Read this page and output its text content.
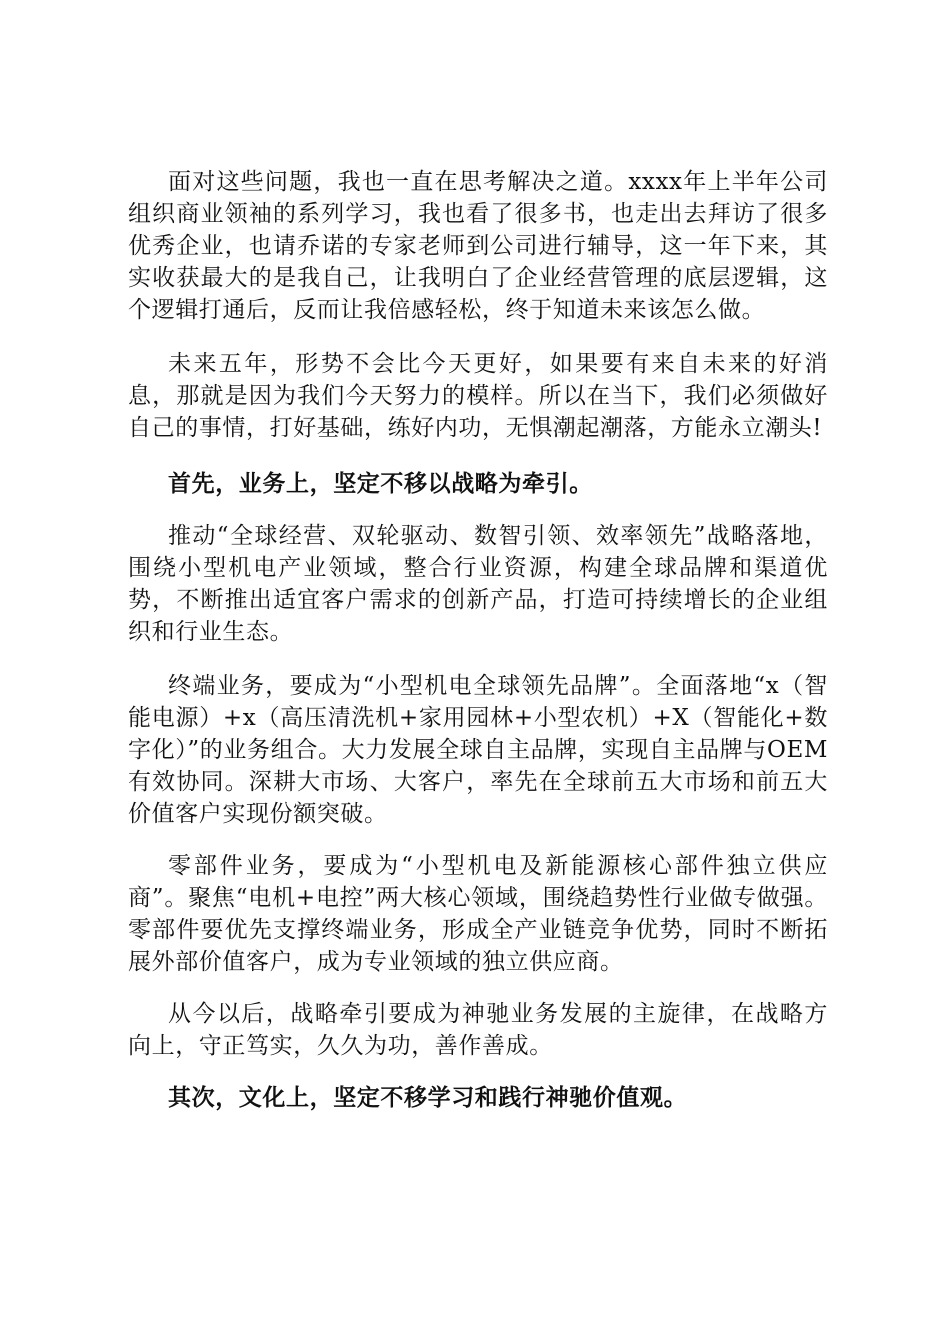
面对这些问题，我也一直在思考解决之道。xxxx年上半年公司组织商业领袖的系列学习，我也看了很多书，也走出去拜访了很多优秀企业，也请乔诺的专家老师到公司进行辅导，这一年下来，其实收获最大的是我自己，让我明白了企业经营管理的底层逻辑，这个逻辑打通后，反而让我倍感轻松，终于知道未来该怎么做。

未来五年，形势不会比今天更好，如果要有来自未来的好消息，那就是因为我们今天努力的模样。所以在当下，我们必须做好自己的事情，打好基础，练好内功，无惧潮起潮落，方能永立潮头!

首先，业务上，坚定不移以战略为牵引。

推动“全球经营、双轮驱动、数智引领、效率领先”战略落地，围绕小型机电产业领域，整合行业资源，构建全球品牌和渠道优势，不断推出适宜客户需求的创新产品，打造可持续增长的企业组织和行业生态。

终端业务，要成为“小型机电全球领先品牌”。全面落地“x（智能电源）+x（高压清洗机+家用园林+小型农机）+X（智能化+数字化）”的业务组合。大力发展全球自主品牌，实现自主品牌与OEM有效协同。深耕大市场、大客户，率先在全球前五大市场和前五大价值客户实现份额突破。

零部件业务，要成为“小型机电及新能源核心部件独立供应商”。聚焦“电机+电控”两大核心领域，围绕趋势性行业做专做强。零部件要优先支撑终端业务，形成全产业链竞争优势，同时不断拓展外部价值客户，成为专业领域的独立供应商。

从今以后，战略牵引要成为神驰业务发展的主旋律，在战略方向上，守正笃实，久久为功，善作善成。

其次，文化上，坚定不移学习和践行神驰价值观。
